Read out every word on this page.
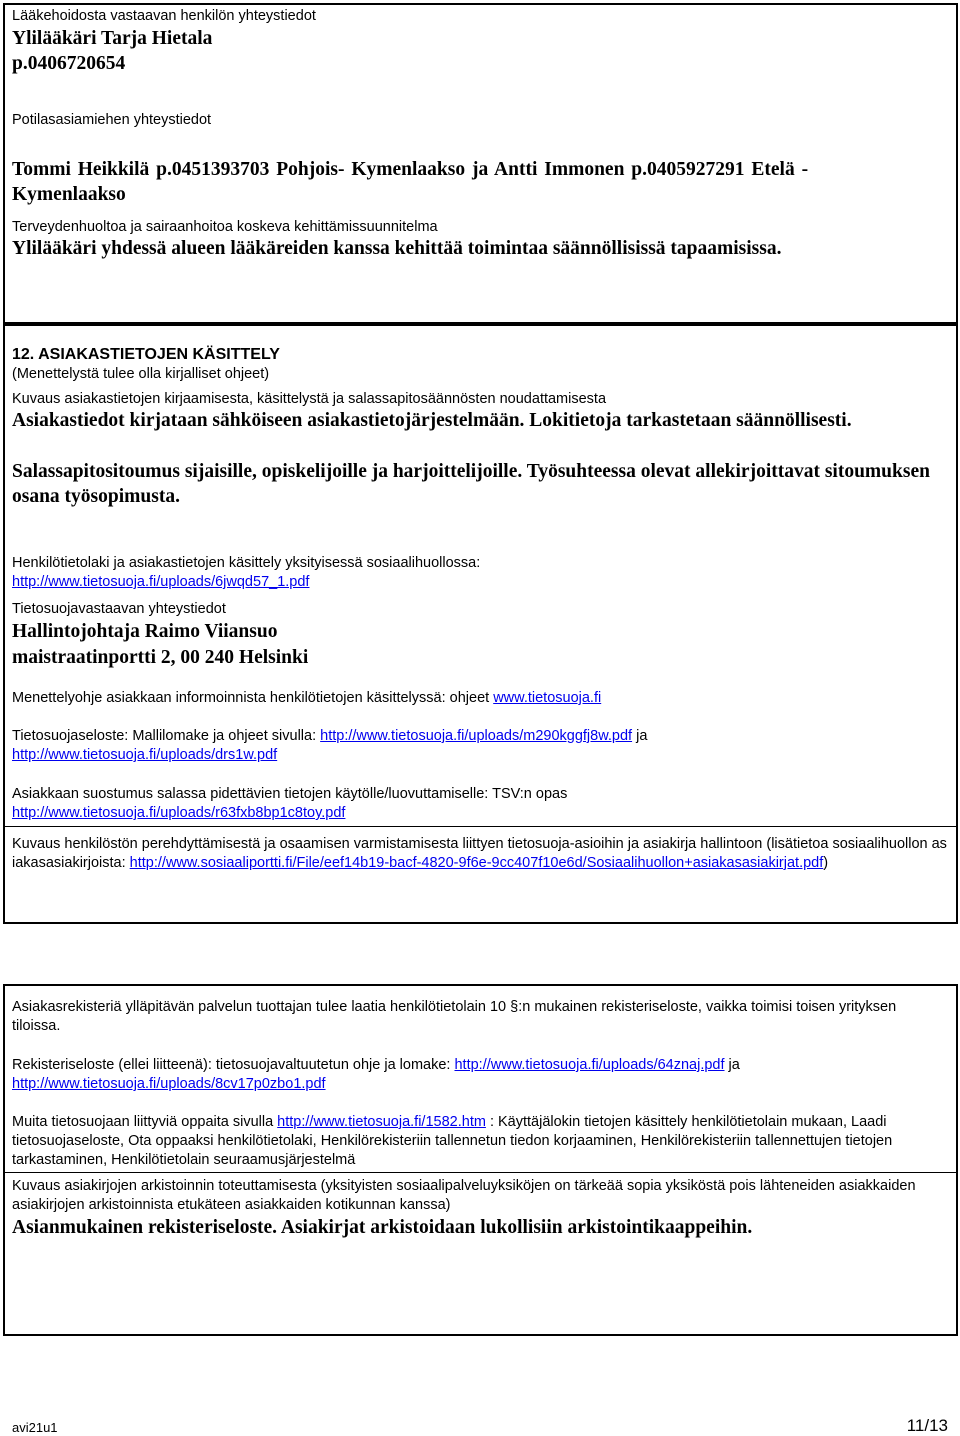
Lääkehoidosta vastaavan henkilön yhteystiedot

Ylilääkäri Tarja Hietala

p.0406720654

Potilasasiamiehen yhteystiedot

Tommi Heikkilä p.0451393703 Pohjois- Kymenlaakso ja Antti Immonen p.0405927291 Etelä -

Kymenlaakso

Terveydenhuoltoa ja sairaanhoitoa koskeva kehittämissuunnitelma

Ylilääkäri yhdessä alueen lääkäreiden kanssa kehittää toimintaa säännöllisissä tapaamisissa.

12. ASIAKASTIETOJEN KÄSITTELY

(Menettelystä tulee olla kirjalliset ohjeet)

Kuvaus asiakastietojen kirjaamisesta, käsittelystä ja salassapitosäännösten noudattamisesta

Asiakastiedot kirjataan sähköiseen asiakastietojärjestelmään. Lokitietoja tarkastetaan säännöllisesti.

Salassapitositoumus sijaisille, opiskelijoille ja harjoittelijoille. Työsuhteessa olevat allekirjoittavat sitoumuksen osana työsopimusta.

Henkilötietolaki ja asiakastietojen käsittely yksityisessä sosiaalihuollossa:

http://www.tietosuoja.fi/uploads/6jwqd57_1.pdf

Tietosuojavastaavan yhteystiedot

Hallintojohtaja Raimo Viiansuo

maistraatinportti 2, 00 240 Helsinki

Menettelyohje asiakkaan informoinnista henkilötietojen käsittelyssä: ohjeet www.tietosuoja.fi

Tietosuojaseloste: Mallilomake ja ohjeet sivulla: http://www.tietosuoja.fi/uploads/m290kggfj8w.pdf ja

http://www.tietosuoja.fi/uploads/drs1w.pdf

Asiakkaan suostumus salassa pidettävien tietojen käytölle/luovuttamiselle: TSV:n opas

http://www.tietosuoja.fi/uploads/r63fxb8bp1c8toy.pdf

Kuvaus henkilöstön perehdyttämisestä ja osaamisen varmistamisesta liittyen tietosuoja-asioihin ja asiakirja hallintoon (lisätietoa sosiaalihuollon asiakasasiakirjoista: http://www.sosiaaliportti.fi/File/eef14b19-bacf-4820-9f6e-9cc407f10e6d/Sosiaalihuollon+asiakasasiakirjat.pdf)

Asiakasrekisteriä ylläpitävän palvelun tuottajan tulee laatia henkilötietolain 10 §:n mukainen rekisteriseloste, vaikka toimisi toisen yrityksen tiloissa.

Rekisteriseloste (ellei liitteenä): tietosuojavaltuutetun ohje ja lomake: http://www.tietosuoja.fi/uploads/64znaj.pdf ja

http://www.tietosuoja.fi/uploads/8cv17p0zbo1.pdf

Muita tietosuojaan liittyviä oppaita sivulla http://www.tietosuoja.fi/1582.htm : Käyttäjälokin tietojen käsittely henkilötietolain mukaan, Laadi tietosuojaseloste, Ota oppaaksi henkilötietolaki, Henkilörekisteriin tallennetun tiedon korjaaminen, Henkilörekisteriin tallennettujen tietojen tarkastaminen, Henkilötietolain seuraamusjärjestelmä

Kuvaus asiakirjojen arkistoinnin toteuttamisesta (yksityisten sosiaalipalveluyksiköjen on tärkeää sopia yksiköstä pois lähteneiden asiakkaiden asiakirjojen arkistoinnista etukäteen asiakkaiden kotikunnan kanssa)

Asianmukainen rekisteriseloste. Asiakirjat arkistoidaan lukollisiin arkistointikaappeihin.

avi21u1	11/13
